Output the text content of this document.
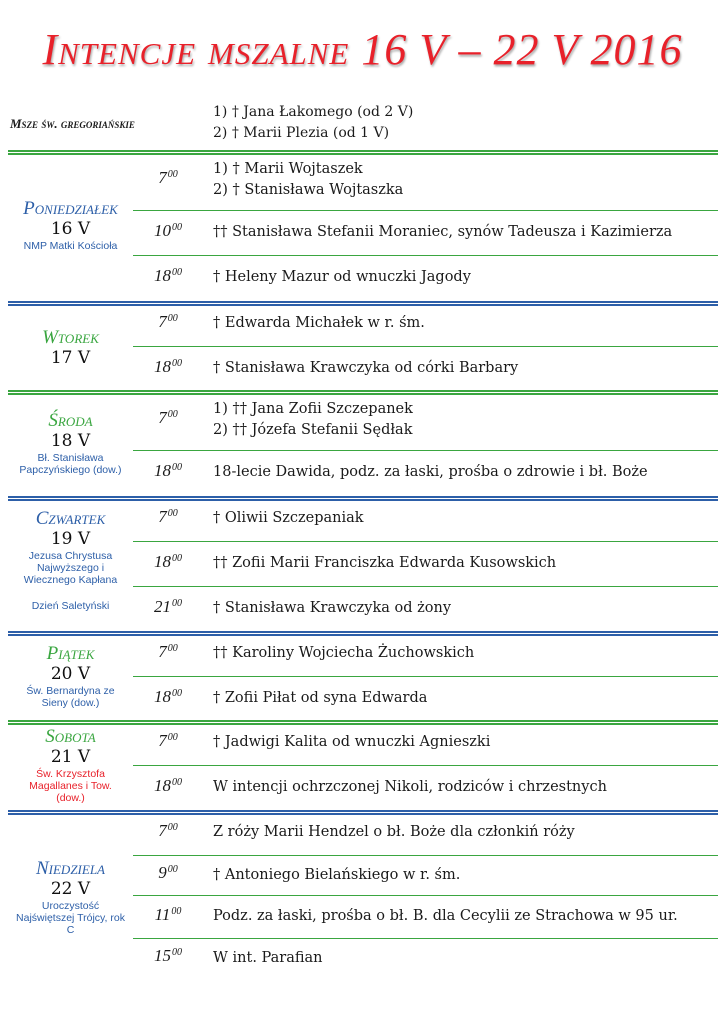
Intencje mszalne 16 V – 22 V 2016
Msze św. gregoriańskie
1) † Jana Łakomego (od 2 V)
2) † Marii Plezia (od 1 V)
Poniedziałek
16 V
NMP Matki Kościoła
$7^{00}$	1) † Marii Wojtaszek
2) † Stanisława Wojtaszka
$10^{00}$	†† Stanisława Stefanii Moraniec, synów Tadeusza i Kazimierza
$18^{00}$	† Heleny Mazur od wnuczki Jagody
Wtorek
17 V
$7^{00}$	† Edwarda Michałek w r. śm.
$18^{00}$	† Stanisława Krawczyka od córki Barbary
Środa
18 V
Bł. Stanisława Papczyńskiego (dow.)
$7^{00}$	1) †† Jana Zofii Szczepanek
2) †† Józefa Stefanii Sędłak
$18^{00}$	18-lecie Dawida, podz. za łaski, prośba o zdrowie i bł. Boże
Czwartek
19 V
Jezusa Chrystusa Najwyższego i Wiecznego Kapłana
Dzień Saletyński
$7^{00}$	† Oliwii Szczepaniak
$18^{00}$	†† Zofii Marii Franciszka Edwarda Kusowskich
$21^{00}$	† Stanisława Krawczyka od żony
Piątek
20 V
Św. Bernardyna ze Sieny (dow.)
$7^{00}$	†† Karoliny Wojciecha Żuchowskich
$18^{00}$	† Zofii Piłat od syna Edwarda
Sobota
21 V
Św. Krzysztofa Magallanes i Tow. (dow.)
$7^{00}$	† Jadwigi Kalita od wnuczki Agnieszki
$18^{00}$	W intencji ochrzczonej Nikoli, rodziców i chrzestnych
Niedziela
22 V
Uroczystość Najświętszej Trójcy, rok C
$7^{00}$	Z róży Marii Hendzel o bł. Boże dla członkiń róży
$9^{00}$	† Antoniego Bielańskiego w r. śm.
$11^{00}$	Podz. za łaski, prośba o bł. B. dla Cecylii ze Strachowa w 95 ur.
$15^{00}$	W int. Parafian
